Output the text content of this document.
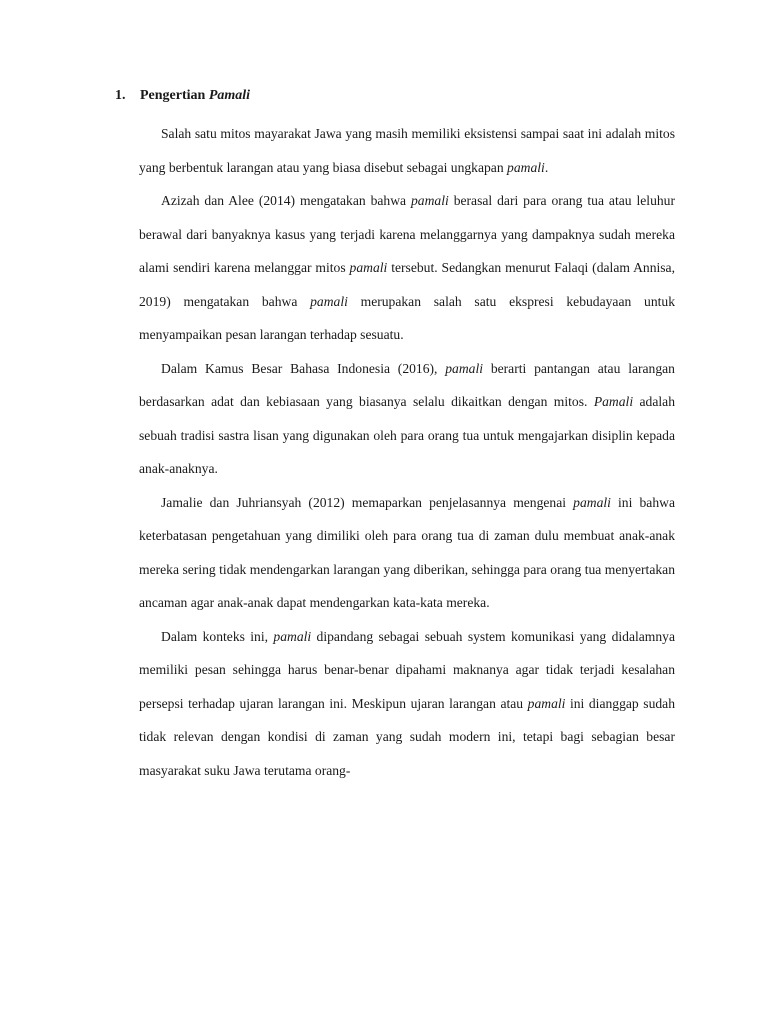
1. Pengertian Pamali

Salah satu mitos mayarakat Jawa yang masih memiliki eksistensi sampai saat ini adalah mitos yang berbentuk larangan atau yang biasa disebut sebagai ungkapan pamali.

Azizah dan Alee (2014) mengatakan bahwa pamali berasal dari para orang tua atau leluhur berawal dari banyaknya kasus yang terjadi karena melanggarnya yang dampaknya sudah mereka alami sendiri karena melanggar mitos pamali tersebut. Sedangkan menurut Falaqi (dalam Annisa, 2019) mengatakan bahwa pamali merupakan salah satu ekspresi kebudayaan untuk menyampaikan pesan larangan terhadap sesuatu.

Dalam Kamus Besar Bahasa Indonesia (2016), pamali berarti pantangan atau larangan berdasarkan adat dan kebiasaan yang biasanya selalu dikaitkan dengan mitos. Pamali adalah sebuah tradisi sastra lisan yang digunakan oleh para orang tua untuk mengajarkan disiplin kepada anak-anaknya.

Jamalie dan Juhriansyah (2012) memaparkan penjelasannya mengenai pamali ini bahwa keterbatasan pengetahuan yang dimiliki oleh para orang tua di zaman dulu membuat anak-anak mereka sering tidak mendengarkan larangan yang diberikan, sehingga para orang tua menyertakan ancaman agar anak-anak dapat mendengarkan kata-kata mereka.

Dalam konteks ini, pamali dipandang sebagai sebuah system komunikasi yang didalamnya memiliki pesan sehingga harus benar-benar dipahami maknanya agar tidak terjadi kesalahan persepsi terhadap ujaran larangan ini. Meskipun ujaran larangan atau pamali ini dianggap sudah tidak relevan dengan kondisi di zaman yang sudah modern ini, tetapi bagi sebagian besar masyarakat suku Jawa terutama orang-
